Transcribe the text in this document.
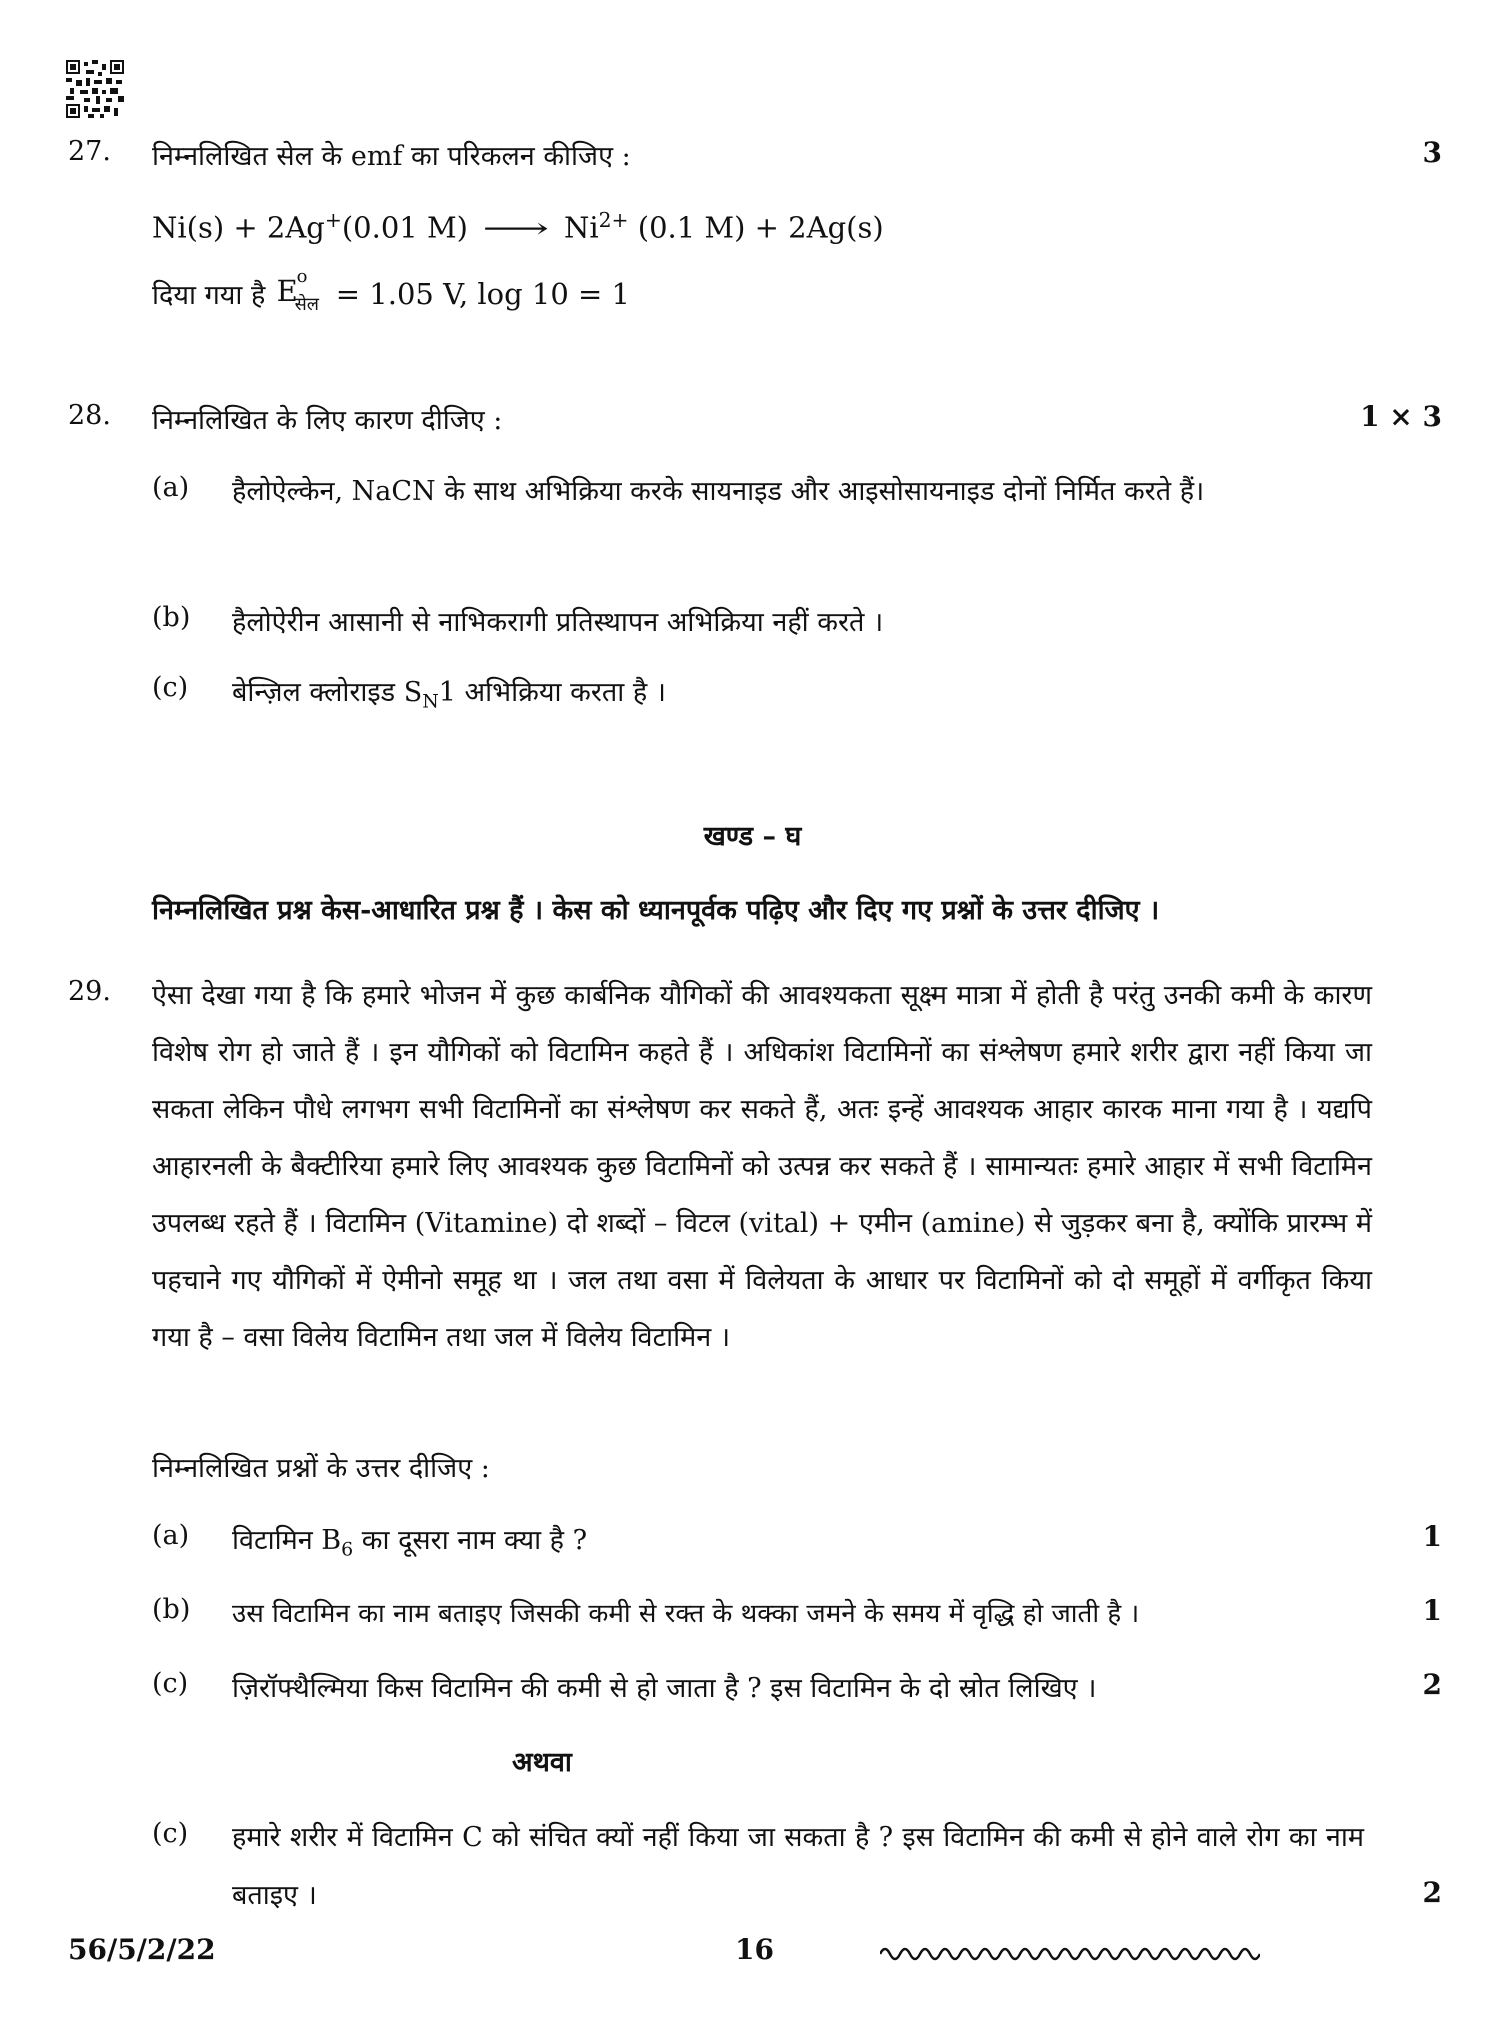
27. निम्नलिखित सेल के emf का परिकलन कीजिए :	3
Ni(s) + 2Ag+(0.01 M) ⟶ $Ni^{2+}$ (0.1 M) + 2Ag(s)
दिया गया है E
o
सेल = 1.05 V, log 10 = 1
28. निम्नलिखित के लिए कारण दीजिए :	1 × 3
(a) हैलोऐल्केन, NaCN के साथ अभिक्रिया करके सायनाइड और आइसोसायनाइड दोनों निर्मित करते हैं।
(b) हैलोऐरीन आसानी से नाभिकरागी प्रतिस्थापन अभिक्रिया नहीं करते ।
(c) बेन्ज़िल क्लोराइड $S_N1$ अभिक्रिया करता है ।
खण्ड – घ
निम्नलिखित प्रश्न केस-आधारित प्रश्न हैं । केस को ध्यानपूर्वक पढ़िए और दिए गए प्रश्नों के उत्तर दीजिए ।
29. ऐसा देखा गया है कि हमारे भोजन में कुछ कार्बनिक यौगिकों की आवश्यकता सूक्ष्म मात्रा में होती है परंतु उनकी कमी के कारण विशेष रोग हो जाते हैं । इन यौगिकों को विटामिन कहते हैं । अधिकांश विटामिनों का संश्लेषण हमारे शरीर द्वारा नहीं किया जा सकता लेकिन पौधे लगभग सभी विटामिनों का संश्लेषण कर सकते हैं, अतः इन्हें आवश्यक आहार कारक माना गया है । यद्यपि आहारनली के बैक्टीरिया हमारे लिए आवश्यक कुछ विटामिनों को उत्पन्न कर सकते हैं । सामान्यतः हमारे आहार में सभी विटामिन उपलब्ध रहते हैं । विटामिन (Vitamine) दो शब्दों – विटल (vital) + एमीन (amine) से जुड़कर बना है, क्योंकि प्रारम्भ में पहचाने गए यौगिकों में ऐमीनो समूह था । जल तथा वसा में विलेयता के आधार पर विटामिनों को दो समूहों में वर्गीकृत किया गया है – वसा विलेय विटामिन तथा जल में विलेय विटामिन ।
निम्नलिखित प्रश्नों के उत्तर दीजिए :
(a) विटामिन $B_6$ का दूसरा नाम क्या है ?	1
(b) उस विटामिन का नाम बताइए जिसकी कमी से रक्त के थक्का जमने के समय में वृद्धि हो जाती है ।	1
(c) ज़िरॉफ्थैल्मिया किस विटामिन की कमी से हो जाता है ? इस विटामिन के दो स्रोत लिखिए ।	2
अथवा
(c) हमारे शरीर में विटामिन C को संचित क्यों नहीं किया जा सकता है ? इस विटामिन की कमी से होने वाले रोग का नाम बताइए ।	2
56/5/2/22	16
